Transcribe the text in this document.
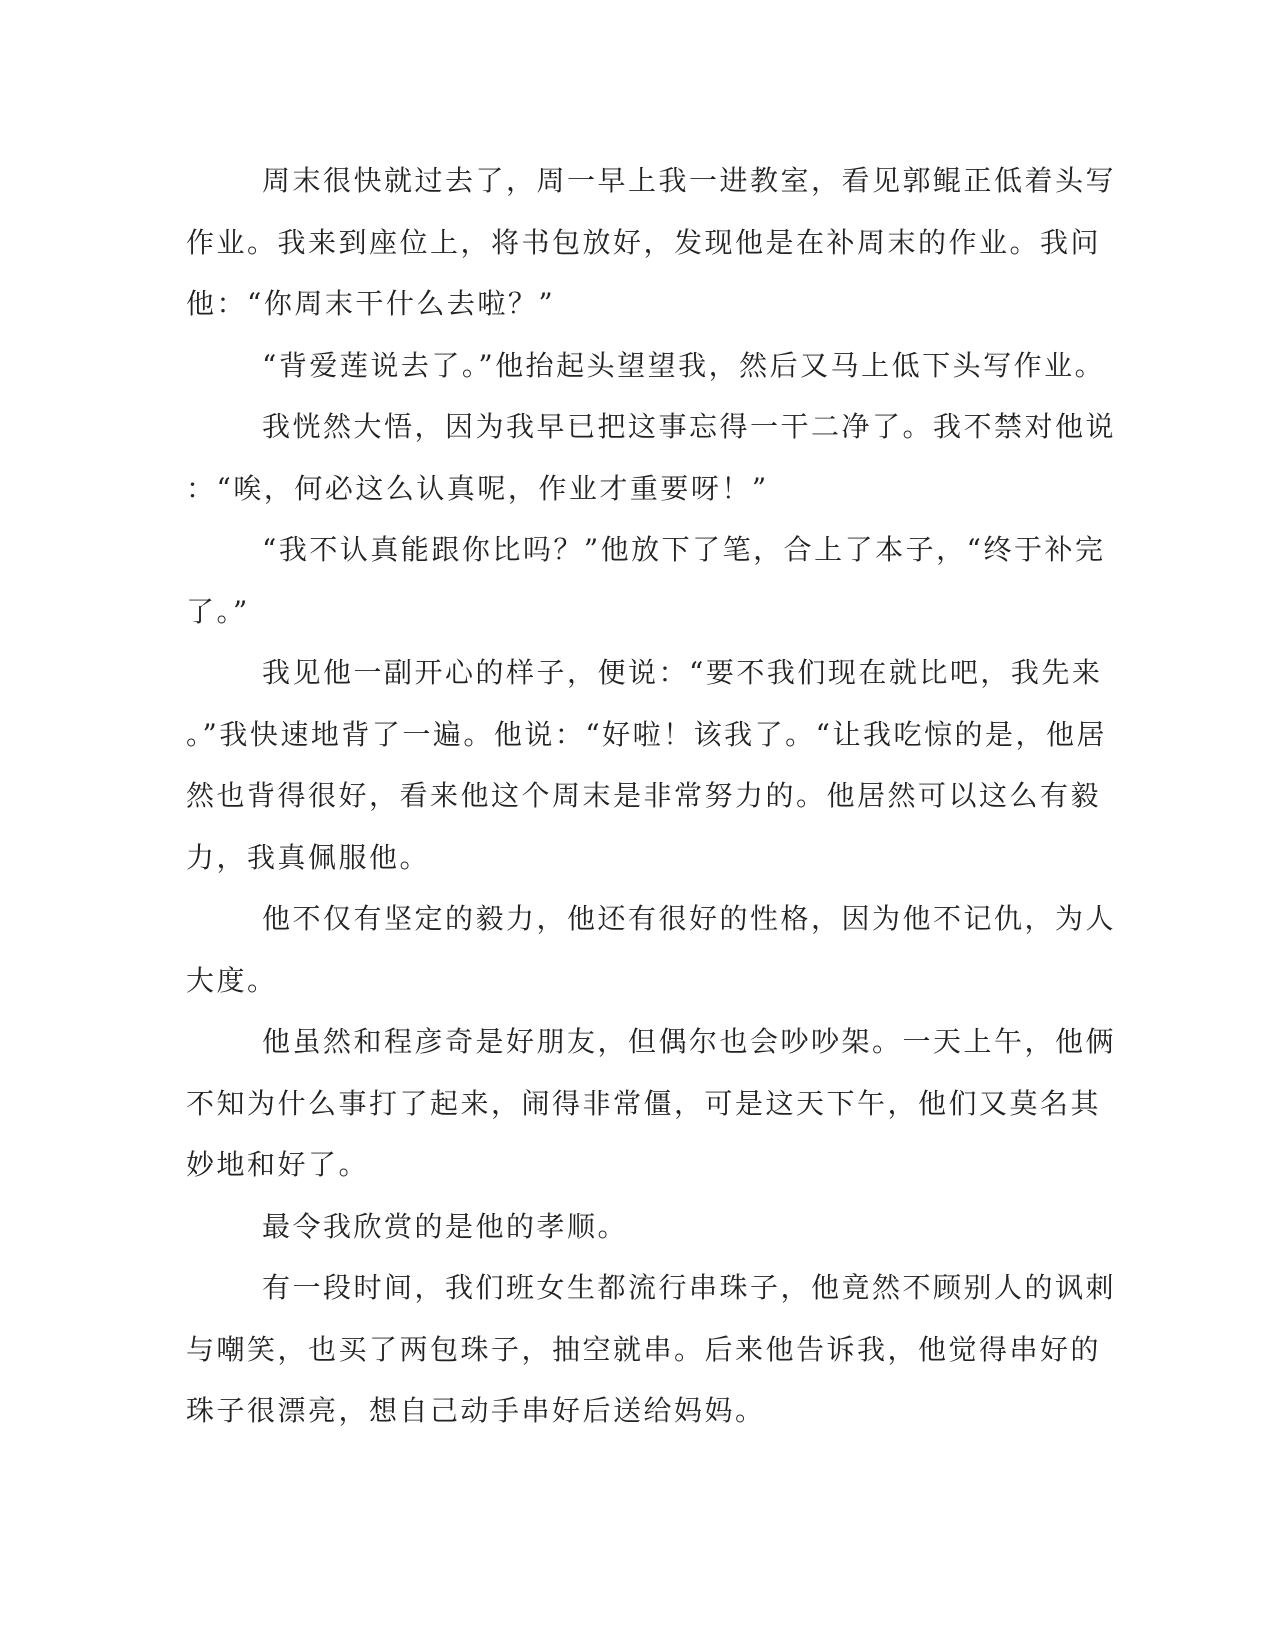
周末很快就过去了，周一早上我一进教室，看见郭鲲正低着头写
作业。我来到座位上，将书包放好，发现他是在补周末的作业。我问
他：“你周末干什么去啦？”
“背爱莲说去了。”他抬起头望望我，然后又马上低下头写作业。
我恍然大悟，因为我早已把这事忘得一干二净了。我不禁对他说
：“唉，何必这么认真呢，作业才重要呀！”
“我不认真能跟你比吗？”他放下了笔，合上了本子，“终于补完
了。”
我见他一副开心的样子，便说：“要不我们现在就比吧，我先来
。”我快速地背了一遍。他说：“好啦！该我了。“让我吃惊的是，他居
然也背得很好，看来他这个周末是非常努力的。他居然可以这么有毅
力，我真佩服他。
他不仅有坚定的毅力，他还有很好的性格，因为他不记仇，为人
大度。
他虽然和程彦奇是好朋友，但偶尔也会吵吵架。一天上午，他俩
不知为什么事打了起来，闹得非常僵，可是这天下午，他们又莫名其
妙地和好了。
最令我欣赏的是他的孝顺。
有一段时间，我们班女生都流行串珠子，他竟然不顾别人的讽刺
与嘲笑，也买了两包珠子，抽空就串。后来他告诉我，他觉得串好的
珠子很漂亮，想自己动手串好后送给妈妈。
